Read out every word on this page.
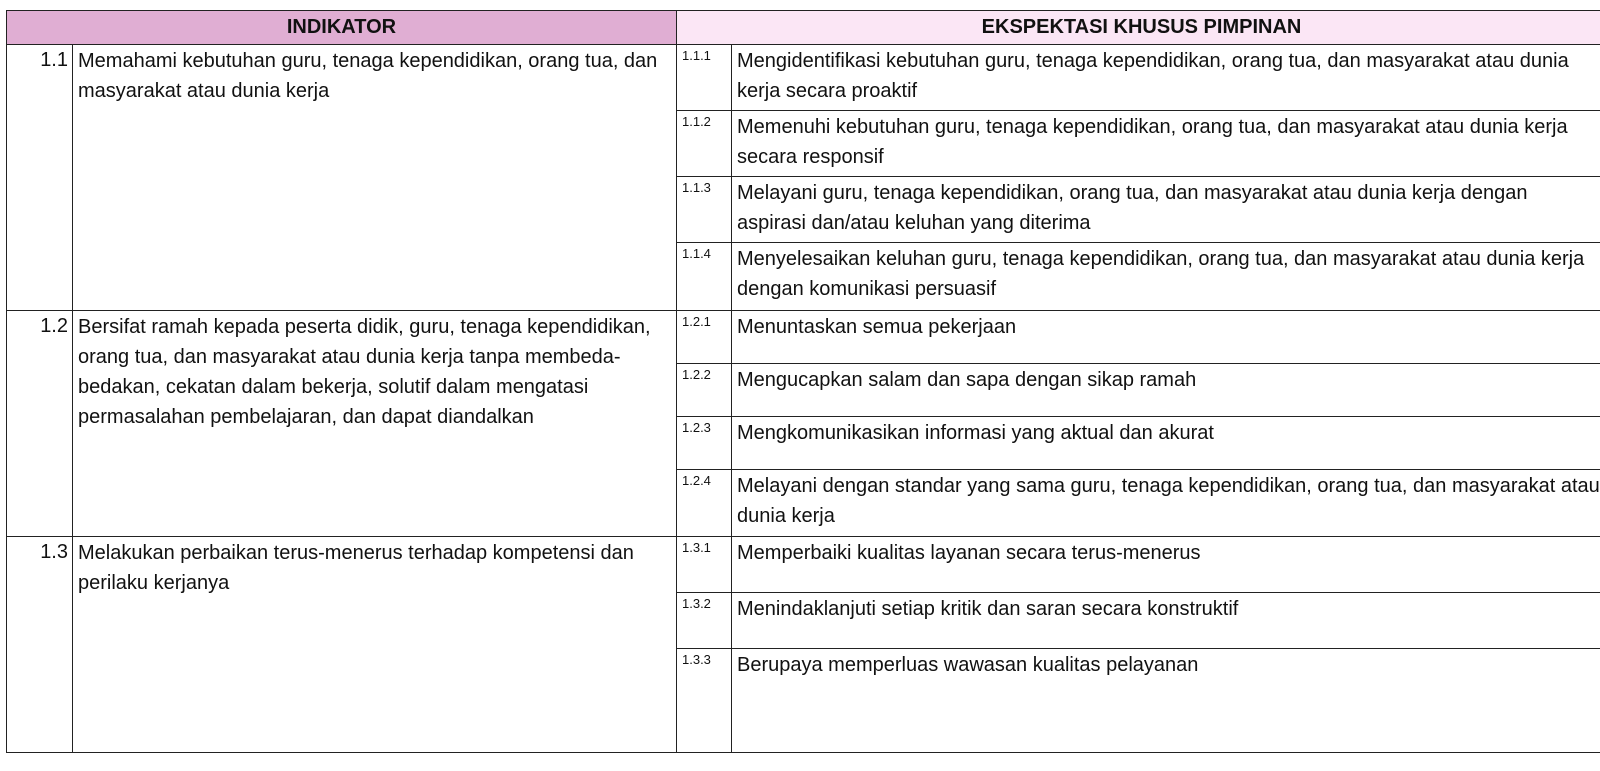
INDIKATOR	EKSPEKTASI KHUSUS PIMPINAN
1.1 Memahami kebutuhan guru, tenaga kependidikan, orang tua, dan masyarakat atau dunia kerja
1.1.1	Mengidentifikasi kebutuhan guru, tenaga kependidikan, orang tua, dan masyarakat atau dunia kerja secara proaktif
1.1.2	Memenuhi kebutuhan guru, tenaga kependidikan, orang tua, dan masyarakat atau dunia kerja secara responsif
1.1.3	Melayani guru, tenaga kependidikan, orang tua, dan masyarakat atau dunia kerja dengan aspirasi dan/atau keluhan yang diterima
1.1.4	Menyelesaikan keluhan guru, tenaga kependidikan, orang tua, dan masyarakat atau dunia kerja dengan komunikasi persuasif
1.2 Bersifat ramah kepada peserta didik, guru, tenaga kependidikan, orang tua, dan masyarakat atau dunia kerja tanpa membeda-bedakan, cekatan dalam bekerja, solutif dalam mengatasi permasalahan pembelajaran, dan dapat diandalkan
1.2.1	Menuntaskan semua pekerjaan
1.2.2	Mengucapkan salam dan sapa dengan sikap ramah
1.2.3	Mengkomunikasikan informasi yang aktual dan akurat
1.2.4	Melayani dengan standar yang sama guru, tenaga kependidikan, orang tua, dan masyarakat atau dunia kerja
1.3 Melakukan perbaikan terus-menerus terhadap kompetensi dan perilaku kerjanya
1.3.1	Memperbaiki kualitas layanan secara terus-menerus
1.3.2	Menindaklanjuti setiap kritik dan saran secara konstruktif
1.3.3	Berupaya memperluas wawasan kualitas pelayanan
